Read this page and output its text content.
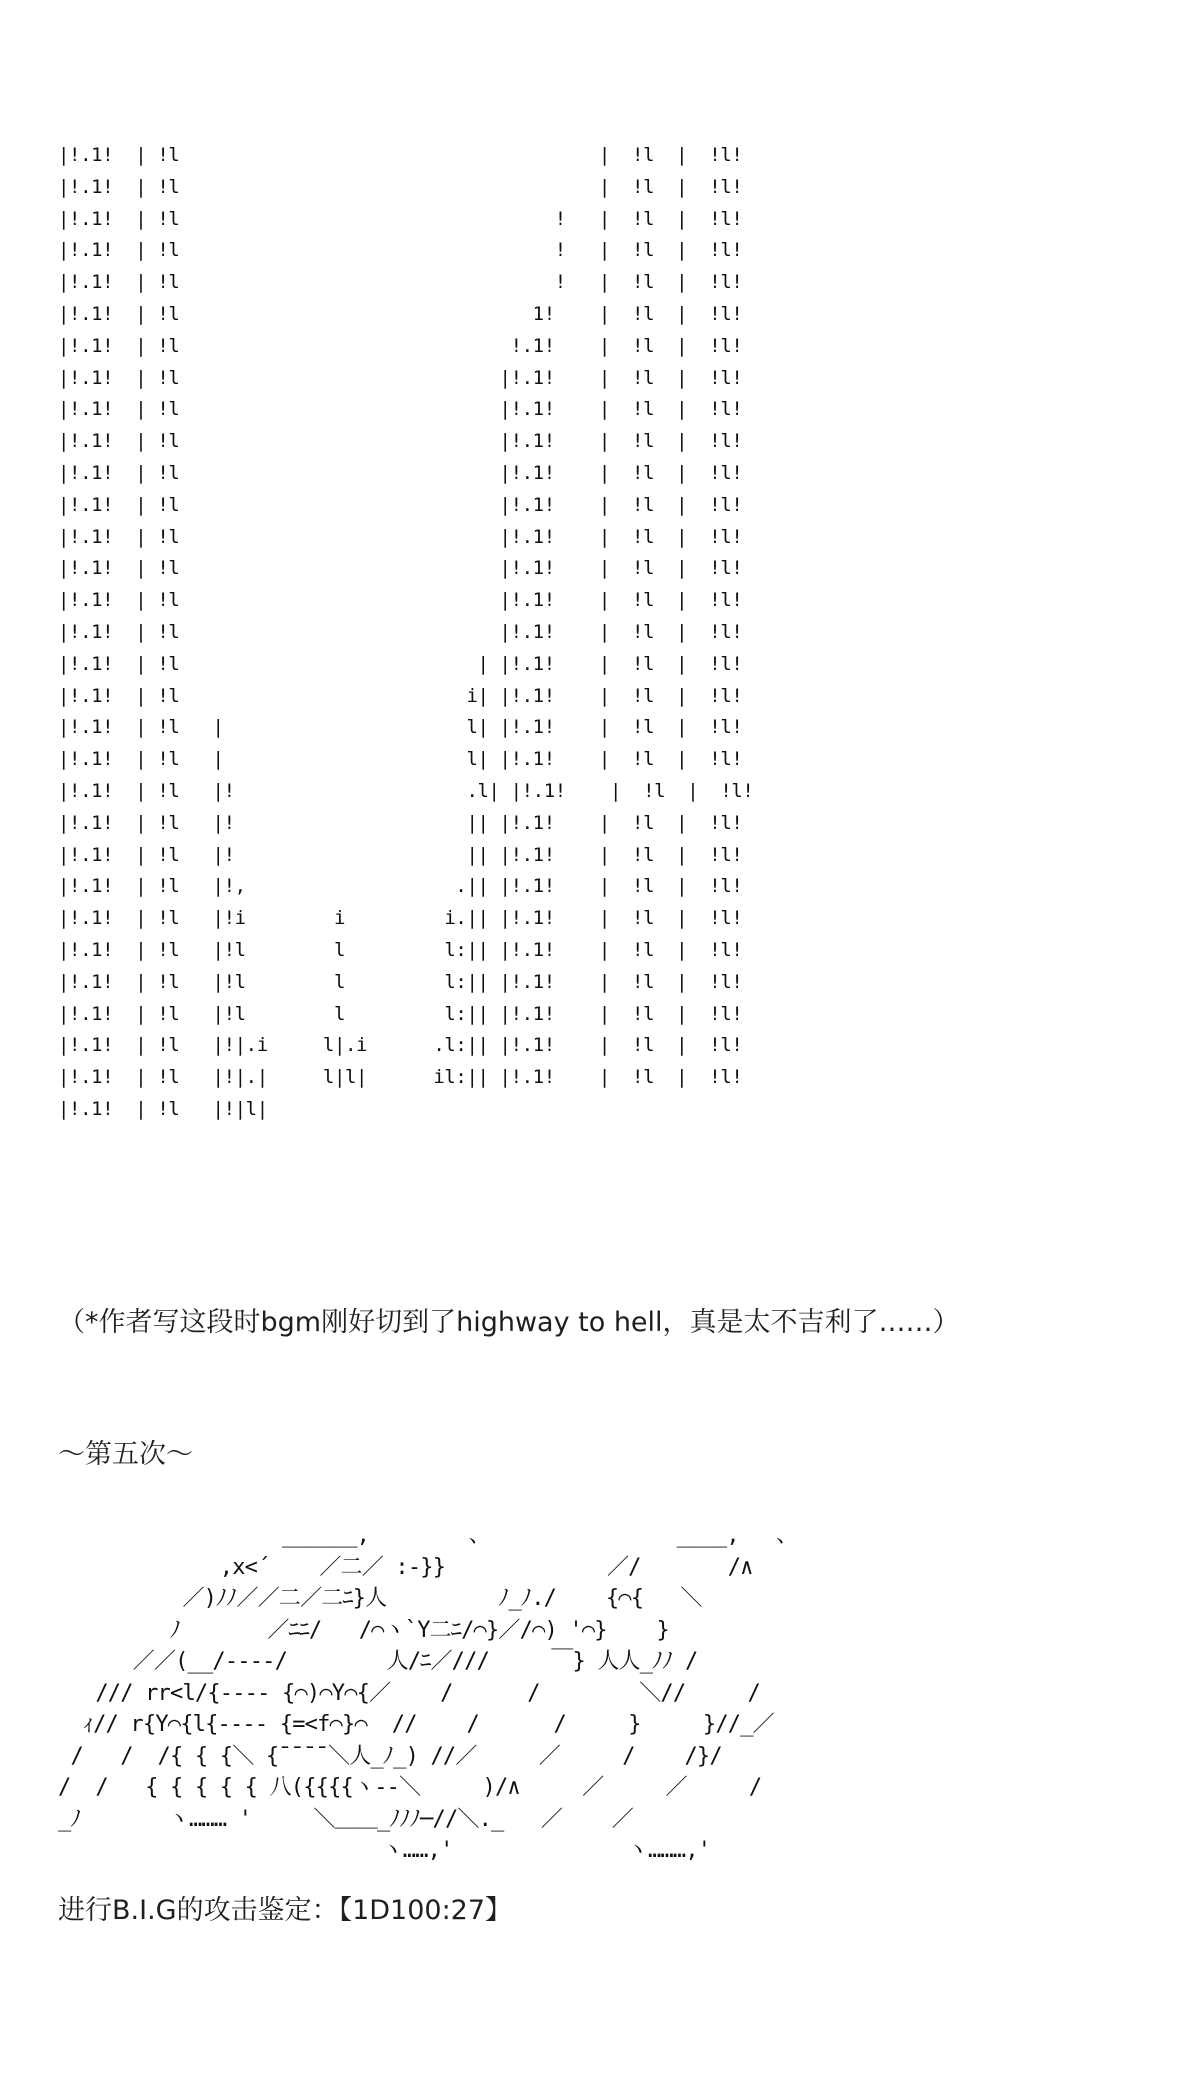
|!.1!  | !l                                      |  !l  |  !l!
|!.1!  | !l                                      |  !l  |  !l!
|!.1!  | !l                                  !   |  !l  |  !l!
|!.1!  | !l                                  !   |  !l  |  !l!
|!.1!  | !l                                  !   |  !l  |  !l!
|!.1!  | !l                                1!    |  !l  |  !l!
|!.1!  | !l                              !.1!    |  !l  |  !l!
|!.1!  | !l                             |!.1!    |  !l  |  !l!
|!.1!  | !l                             |!.1!    |  !l  |  !l!
|!.1!  | !l                             |!.1!    |  !l  |  !l!
|!.1!  | !l                             |!.1!    |  !l  |  !l!
|!.1!  | !l                             |!.1!    |  !l  |  !l!
|!.1!  | !l                             |!.1!    |  !l  |  !l!
|!.1!  | !l                             |!.1!    |  !l  |  !l!
|!.1!  | !l                             |!.1!    |  !l  |  !l!
|!.1!  | !l                             |!.1!    |  !l  |  !l!
|!.1!  | !l                           | |!.1!    |  !l  |  !l!
|!.1!  | !l                          i| |!.1!    |  !l  |  !l!
|!.1!  | !l   |                      l| |!.1!    |  !l  |  !l!
|!.1!  | !l   |                      l| |!.1!    |  !l  |  !l!
|!.1!  | !l   |!                     .l| |!.1!    |  !l  |  !l!
|!.1!  | !l   |!                     || |!.1!    |  !l  |  !l!
|!.1!  | !l   |!                     || |!.1!    |  !l  |  !l!
|!.1!  | !l   |!,                   .|| |!.1!    |  !l  |  !l!
|!.1!  | !l   |!i        i         i.|| |!.1!    |  !l  |  !l!
|!.1!  | !l   |!l        l         l:|| |!.1!    |  !l  |  !l!
|!.1!  | !l   |!l        l         l:|| |!.1!    |  !l  |  !l!
|!.1!  | !l   |!l        l         l:|| |!.1!    |  !l  |  !l!
|!.1!  | !l   |!|.i     l|.i      .l:|| |!.1!    |  !l  |  !l!
|!.1!  | !l   |!|.|     l|l|      il:|| |!.1!    |  !l  |  !l!
|!.1!  | !l   |!|l|
（*作者写这段时bgm刚好切到了highway to hell，真是太不吉利了……）
〜第五次〜
______,        、               ____,   、
,x<´    ／二／ :-}}             ／/       /∧
／)ﾉﾉ／／二／二ﾆ}人         ﾉ_ﾉ./    {⌒{   ＼
ﾉ       ／ﾆﾆ/   /⌒ヽ`Y二ﾆ/⌒}／/⌒) '⌒}    }
／／(__/‐‐‐‐/        人/ﾆ／///     ￣} 人人_ﾉﾉ /
/// rr<l/{‐‐‐‐ {⌒)⌒Y⌒{／    /      /        ＼//     /
ｨ// r{Y⌒{l{‐‐‐‐ {=<f⌒}⌒  //    /      /     }     }//_／
/   /  /{ { {＼ {¯¯¯¯＼人_ﾉ_) //／     ／     /    /}/
/  /   { { { { { 八({{{{ヽ‐‐＼     )/∧     ／     ／     /
_ﾉ       ヽ……… '     ＼＿＿_ﾉﾉﾉ─//＼._   ／    ／
ヽ……,'              ヽ………,'
进行B.I.G的攻击鉴定：【1D100:27】
